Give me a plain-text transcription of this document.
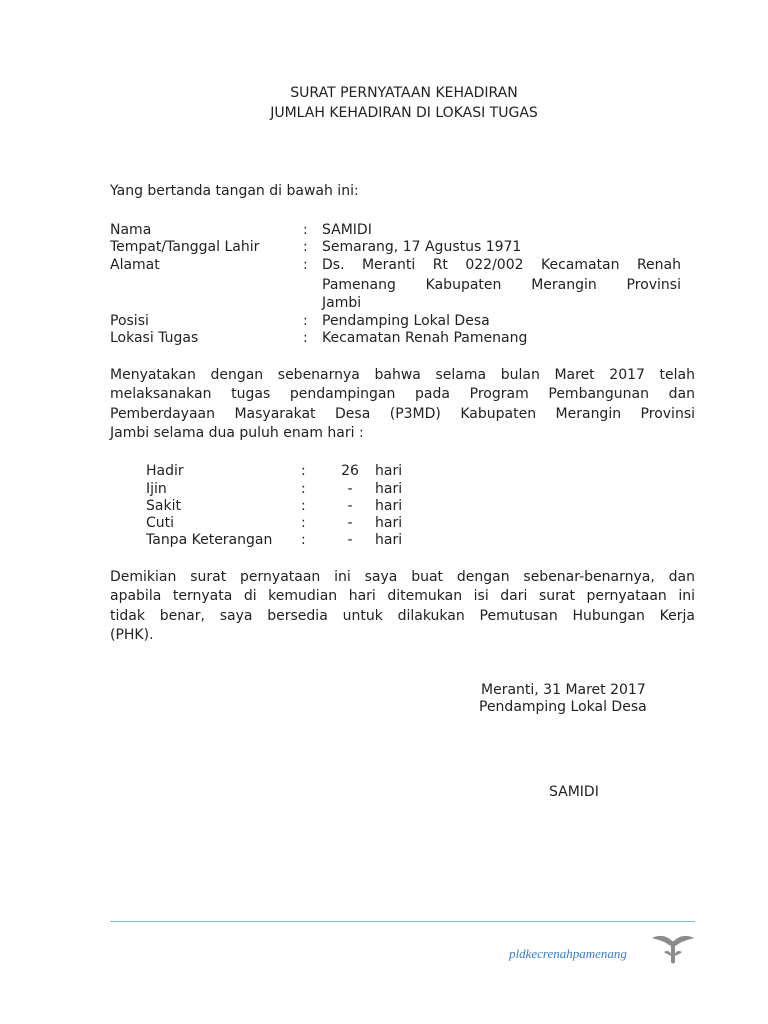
SURAT PERNYATAAN KEHADIRAN
JUMLAH KEHADIRAN DI LOKASI TUGAS
Yang bertanda tangan di bawah ini:
Nama	: SAMIDI
Tempat/Tanggal Lahir	: Semarang, 17 Agustus 1971
Alamat	: Ds. Meranti Rt 022/002 Kecamatan Renah
Pamenang Kabupaten Merangin Provinsi
Jambi
Posisi	: Pendamping Lokal Desa
Lokasi Tugas	: Kecamatan Renah Pamenang
Menyatakan dengan sebenarnya bahwa selama bulan Maret 2017 telah
melaksanakan tugas pendampingan pada Program Pembangunan dan
Pemberdayaan Masyarakat Desa (P3MD) Kabupaten Merangin Provinsi
Jambi selama dua puluh enam hari :
Hadir	:	26 hari
Ijin	:	-	hari
Sakit	:	-	hari
Cuti	:	-	hari
Tanpa Keterangan :	-	hari
Demikian surat pernyataan ini saya buat dengan sebenar-benarnya, dan
apabila ternyata di kemudian hari ditemukan isi dari surat pernyataan ini
tidak benar, saya bersedia untuk dilakukan Pemutusan Hubungan Kerja
(PHK).
Meranti, 31 Maret 2017
Pendamping Lokal Desa
SAMIDI
pldkecrenahpamenang
